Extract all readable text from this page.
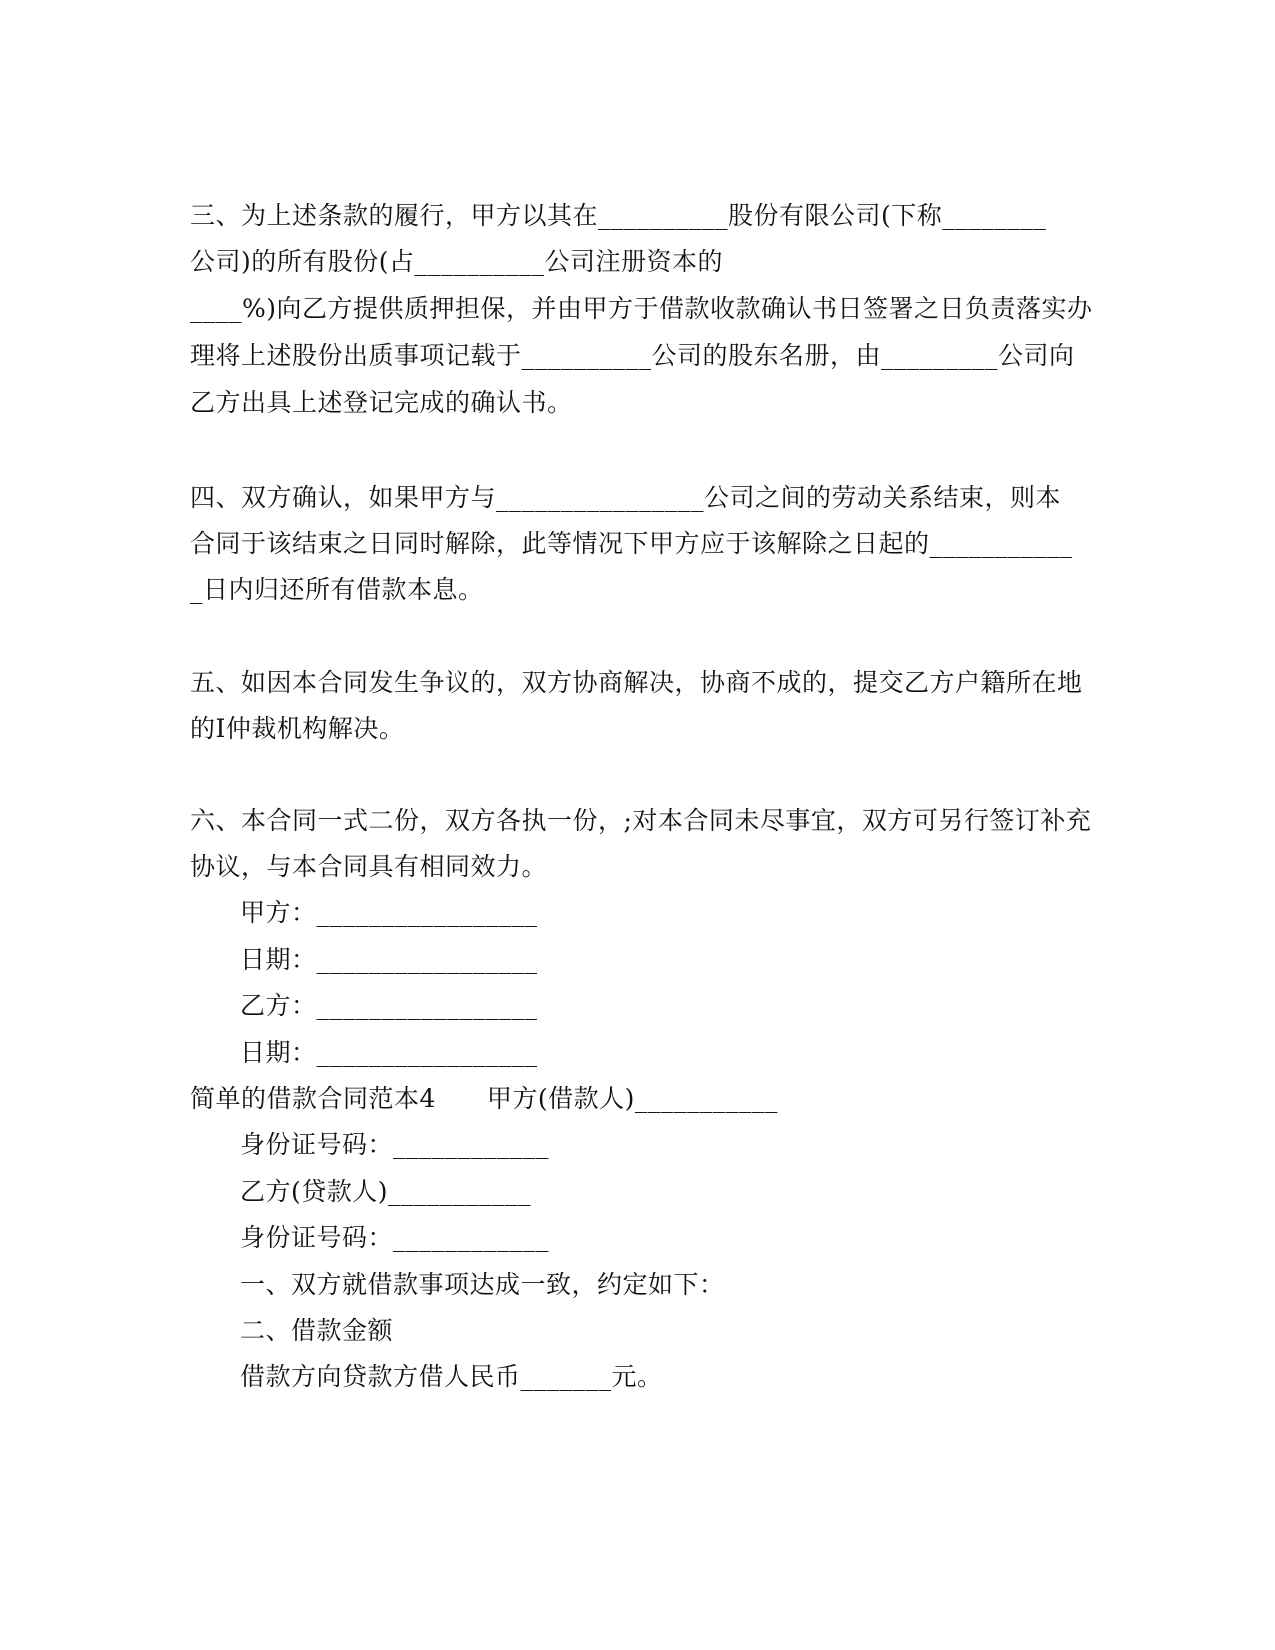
三、为上述条款的履行，甲方以其在__________股份有限公司(下称________
公司)的所有股份(占__________公司注册资本的
____%)向乙方提供质押担保，并由甲方于借款收款确认书日签署之日负责落实办
理将上述股份出质事项记载于__________公司的股东名册，由_________公司向
乙方出具上述登记完成的确认书。
四、双方确认，如果甲方与________________公司之间的劳动关系结束，则本
合同于该结束之日同时解除，此等情况下甲方应于该解除之日起的___________
_日内归还所有借款本息。
五、如因本合同发生争议的，双方协商解决，协商不成的，提交乙方户籍所在地
的I仲裁机构解决。
六、本合同一式二份，双方各执一份，;对本合同未尽事宜，双方可另行签订补充
协议，与本合同具有相同效力。
甲方：_________________
日期：_________________
乙方：_________________
日期：_________________
简单的借款合同范本4　　甲方(借款人)___________
身份证号码：____________
乙方(贷款人)___________
身份证号码：____________
一、双方就借款事项达成一致，约定如下：
二、借款金额
借款方向贷款方借人民币_______元。
